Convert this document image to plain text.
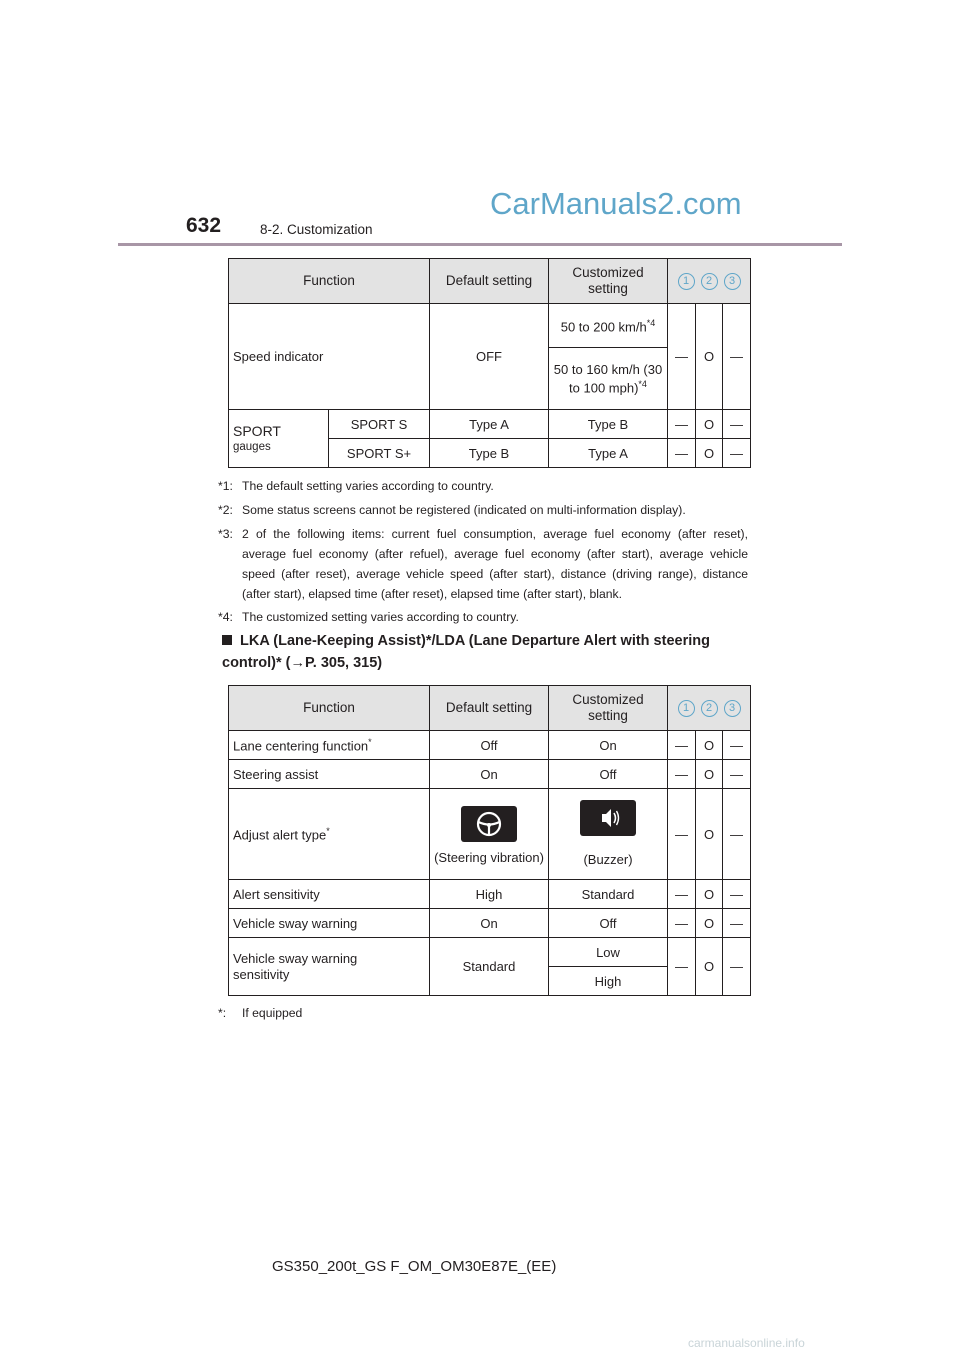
632	8-2. Customization
CarManuals2.com
Function		Default setting	Customized setting	1 2 3		
Speed indicator		OFF	50 to 200 $km/h^{*4}$	—	O	—
			50 to 160 km/h (30 to 100 mph)$^{*4}$

SPORT
gauges	SPORT S	Type A	Type B	—	O	—
	SPORT S+	Type B	Type A	—	O	—
*1: The default setting varies according to country.
*2: Some status screens cannot be registered (indicated on multi-information display).
*3: 2 of the following items: current fuel consumption, average fuel economy (after reset), average fuel economy (after refuel), average fuel economy (after start), average vehicle speed (after reset), average vehicle speed (after start), distance (driving range), distance (after start), elapsed time (after reset), elapsed time (after start), blank.
*4: The customized setting varies according to country.
LKA (Lane-Keeping Assist)*/LDA (Lane Departure Alert with steering control)* (→P. 305, 315)
Function	Default setting	Customized setting	1 2 3		
Lane centering function*	Off	On	—	O	—
Steering assist	On	Off	—	O	—
Adjust alert type*	(Steering vibration)	(Buzzer)	—	O	—
Alert sensitivity	High	Standard	—	O	—
Vehicle sway warning	On	Off	—	O	—
Vehicle sway warning sensitivity	Standard	Low	—	O	—
		High			
*: If equipped
GS350_200t_GS F_OM_OM30E87E_(EE)
carmanualsonline.info
